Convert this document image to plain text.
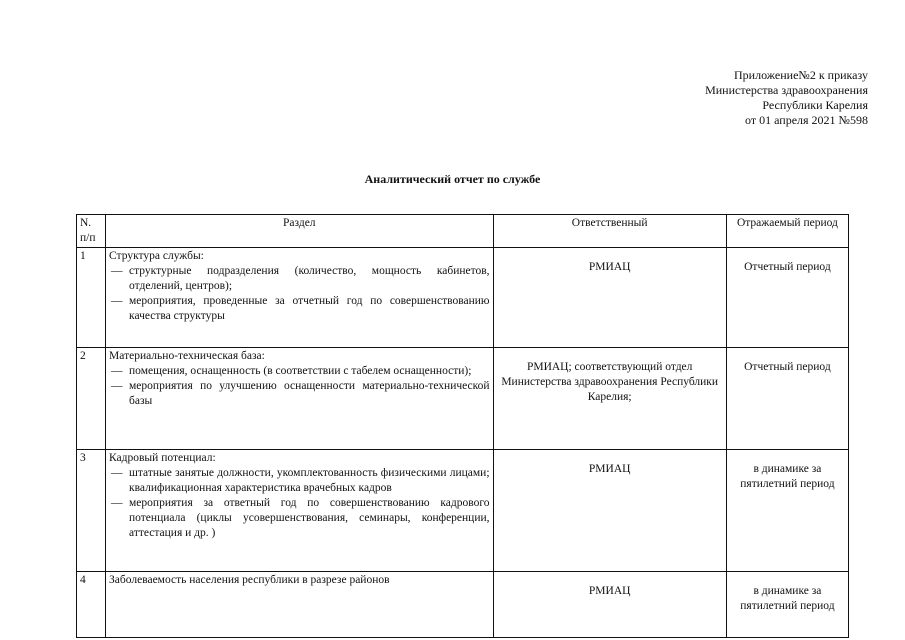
Приложение№2 к приказу
Министерства здравоохранения
Республики Карелия
от 01 апреля 2021 №598
Аналитический отчет по службе
N. п/п	Раздел	Ответственный	Отражаемый период
1	Структура службы:
— структурные подразделения (количество, мощность кабинетов, отделений, центров);
— мероприятия, проведенные за отчетный год по совершенствованию качества структуры	РМИАЦ	Отчетный период
2	Материально-техническая база:
— помещения, оснащенность (в соответствии с табелем оснащенности);
— мероприятия по улучшению оснащенности материально-технической базы	РМИАЦ; соответствующий отдел Министерства здравоохранения Республики Карелия;	Отчетный период
3	Кадровый потенциал:
— штатные занятые должности, укомплектованность физическими лицами; квалификационная характеристика врачебных кадров
— мероприятия за ответный год по совершенствованию кадрового потенциала (циклы усовершенствования, семинары, конференции, аттестация и др. )	РМИАЦ	в динамике за пятилетний период
4	Заболеваемость населения республики в разрезе районов	РМИАЦ	в динамике за пятилетний период
